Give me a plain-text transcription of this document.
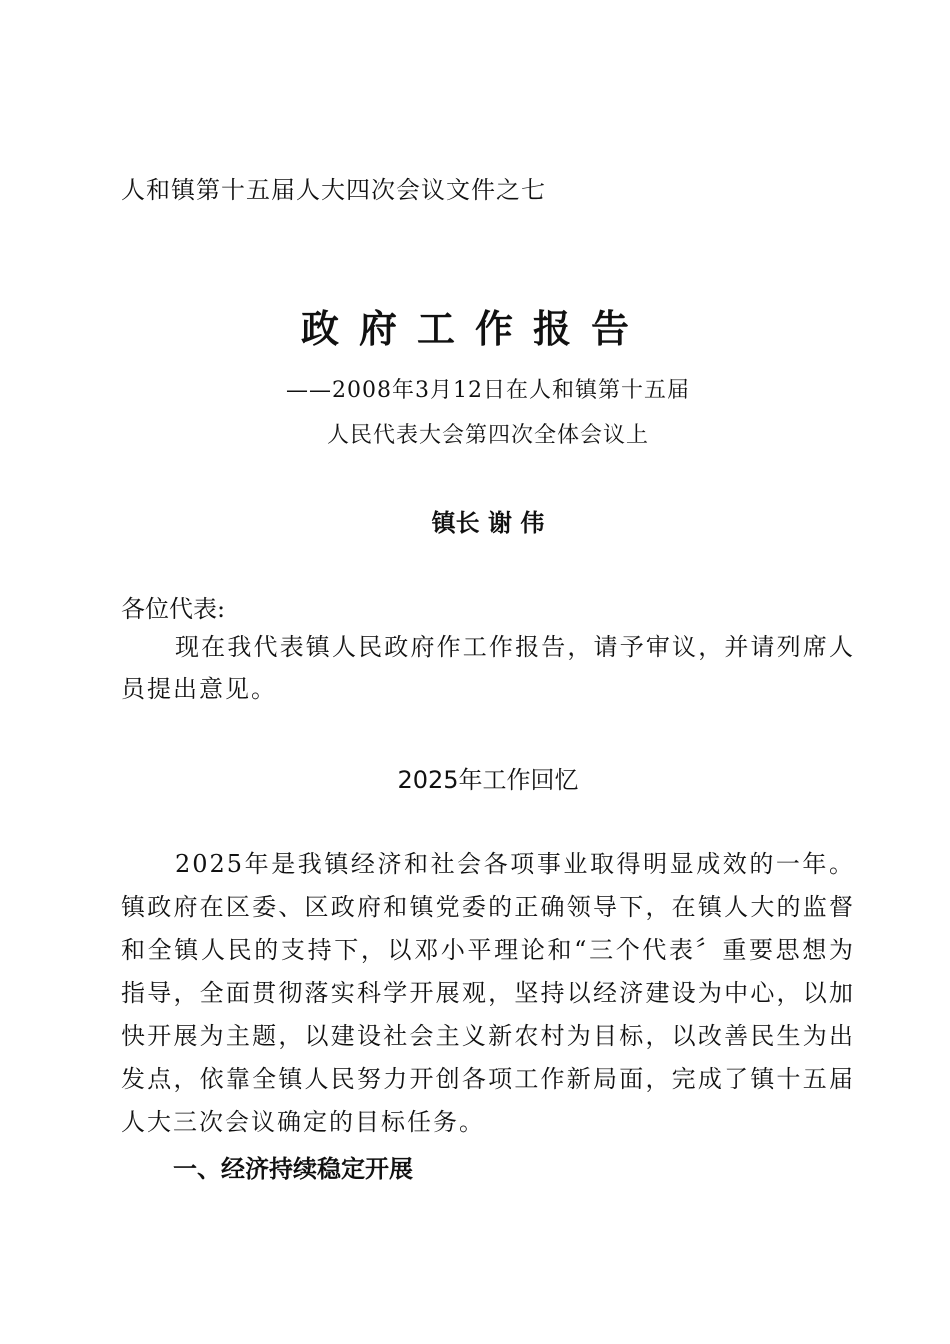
人和镇第十五届人大四次会议文件之七
政府工作报告
——2008年3月12日在人和镇第十五届
人民代表大会第四次全体会议上
镇长 谢 伟
各位代表:

现在我代表镇人民政府作工作报告，请予审议，并请列席人员提出意见。

2025年工作回忆

2025年是我镇经济和社会各项事业取得明显成效的一年。镇政府在区委、区政府和镇党委的正确领导下，在镇人大的监督和全镇人民的支持下，以邓小平理论和“三个代表〞重要思想为指导，全面贯彻落实科学开展观，坚持以经济建设为中心，以加快开展为主题，以建设社会主义新农村为目标，以改善民生为出发点，依靠全镇人民努力开创各项工作新局面，完成了镇十五届人大三次会议确定的目标任务。

一、经济持续稳定开展
